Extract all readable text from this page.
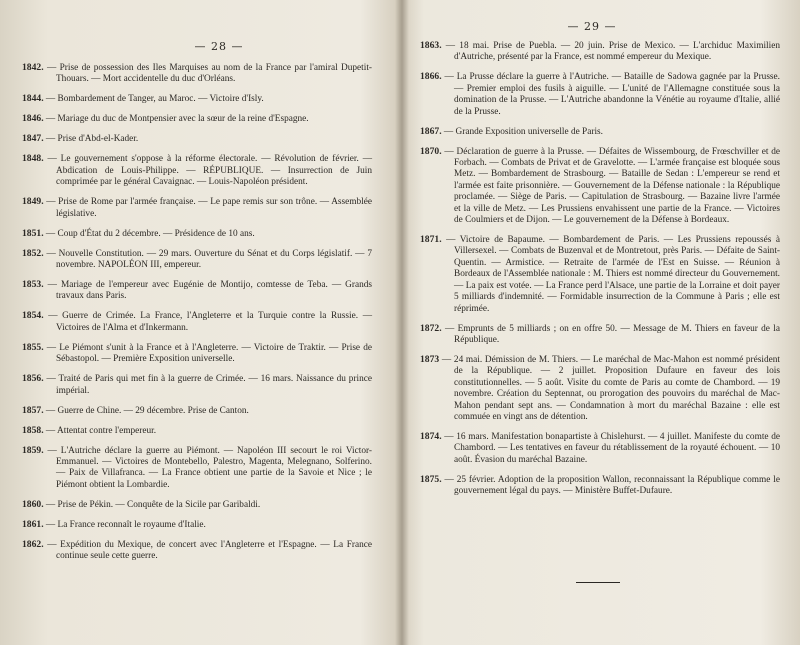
— 28 —
1842. — Prise de possession des Iles Marquises au nom de la France par l'amiral Dupetit-Thouars. — Mort accidentelle du duc d'Orléans.
1844. — Bombardement de Tanger, au Maroc. — Victoire d'Isly.
1846. — Mariage du duc de Montpensier avec la sœur de la reine d'Espagne.
1847. — Prise d'Abd-el-Kader.
1848. — Le gouvernement s'oppose à la réforme électorale. — Révolution de février. — Abdication de Louis-Philippe. — RÉPUBLIQUE. — Insurrection de Juin comprimée par le général Cavaignac. — Louis-Napoléon président.
1849. — Prise de Rome par l'armée française. — Le pape remis sur son trône. — Assemblée législative.
1851. — Coup d'État du 2 décembre. — Présidence de 10 ans.
1852. — Nouvelle Constitution. — 29 mars. Ouverture du Sénat et du Corps législatif. — 7 novembre. NAPOLÉON III, empereur.
1853. — Mariage de l'empereur avec Eugénie de Montijo, comtesse de Teba. — Grands travaux dans Paris.
1854. — Guerre de Crimée. La France, l'Angleterre et la Turquie contre la Russie. — Victoires de l'Alma et d'Inkermann.
1855. — Le Piémont s'unit à la France et à l'Angleterre. — Victoire de Traktir. — Prise de Sébastopol. — Première Exposition universelle.
1856. — Traité de Paris qui met fin à la guerre de Crimée. — 16 mars. Naissance du prince impérial.
1857. — Guerre de Chine. — 29 décembre. Prise de Canton.
1858. — Attentat contre l'empereur.
1859. — L'Autriche déclare la guerre au Piémont. — Napoléon III secourt le roi Victor-Emmanuel. — Victoires de Montebello, Palestro, Magenta, Melegnano, Solferino. — Paix de Villafranca. — La France obtient une partie de la Savoie et Nice ; le Piémont obtient la Lombardie.
1860. — Prise de Pékin. — Conquête de la Sicile par Garibaldi.
1861. — La France reconnaît le royaume d'Italie.
1862. — Expédition du Mexique, de concert avec l'Angleterre et l'Espagne. — La France continue seule cette guerre.
— 29 —
1863. — 18 mai. Prise de Puebla. — 20 juin. Prise de Mexico. — L'archiduc Maximilien d'Autriche, présenté par la France, est nommé empereur du Mexique.
1866. — La Prusse déclare la guerre à l'Autriche. — Bataille de Sadowa gagnée par la Prusse. — Premier emploi des fusils à aiguille. — L'unité de l'Allemagne constituée sous la domination de la Prusse. — L'Autriche abandonne la Vénétie au royaume d'Italie, allié de la Prusse.
1867. — Grande Exposition universelle de Paris.
1870. — Déclaration de guerre à la Prusse. — Défaites de Wissembourg, de Frœschviller et de Forbach. — Combats de Privat et de Gravelotte. — L'armée française est bloquée sous Metz. — Bombardement de Strasbourg. — Bataille de Sedan : L'empereur se rend et l'armée est faite prisonnière. — Gouvernement de la Défense nationale : la République proclamée. — Siège de Paris. — Capitulation de Strasbourg. — Bazaine livre l'armée et la ville de Metz. — Les Prussiens envahissent une partie de la France. — Victoires de Coulmiers et de Dijon. — Le gouvernement de la Défense à Bordeaux.
1871. — Victoire de Bapaume. — Bombardement de Paris. — Les Prussiens repoussés à Villersexel. — Combats de Buzenval et de Montretout, près Paris. — Défaite de Saint-Quentin. — Armistice. — Retraite de l'armée de l'Est en Suisse. — Réunion à Bordeaux de l'Assemblée nationale : M. Thiers est nommé directeur du Gouvernement. — La paix est votée. — La France perd l'Alsace, une partie de la Lorraine et doit payer 5 milliards d'indemnité. — Formidable insurrection de la Commune à Paris ; elle est réprimée.
1872. — Emprunts de 5 milliards ; on en offre 50. — Message de M. Thiers en faveur de la République.
1873 — 24 mai. Démission de M. Thiers. — Le maréchal de Mac-Mahon est nommé président de la République. — 2 juillet. Proposition Dufaure en faveur des lois constitutionnelles. — 5 août. Visite du comte de Paris au comte de Chambord. — 19 novembre. Création du Septennat, ou prorogation des pouvoirs du maréchal de Mac-Mahon pendant sept ans. — Condamnation à mort du maréchal Bazaine : elle est commuée en vingt ans de détention.
1874. — 16 mars. Manifestation bonapartiste à Chislehurst. — 4 juillet. Manifeste du comte de Chambord. — Les tentatives en faveur du rétablissement de la royauté échouent. — 10 août. Évasion du maréchal Bazaine.
1875. — 25 février. Adoption de la proposition Wallon, reconnaissant la République comme le gouvernement légal du pays. — Ministère Buffet-Dufaure.
